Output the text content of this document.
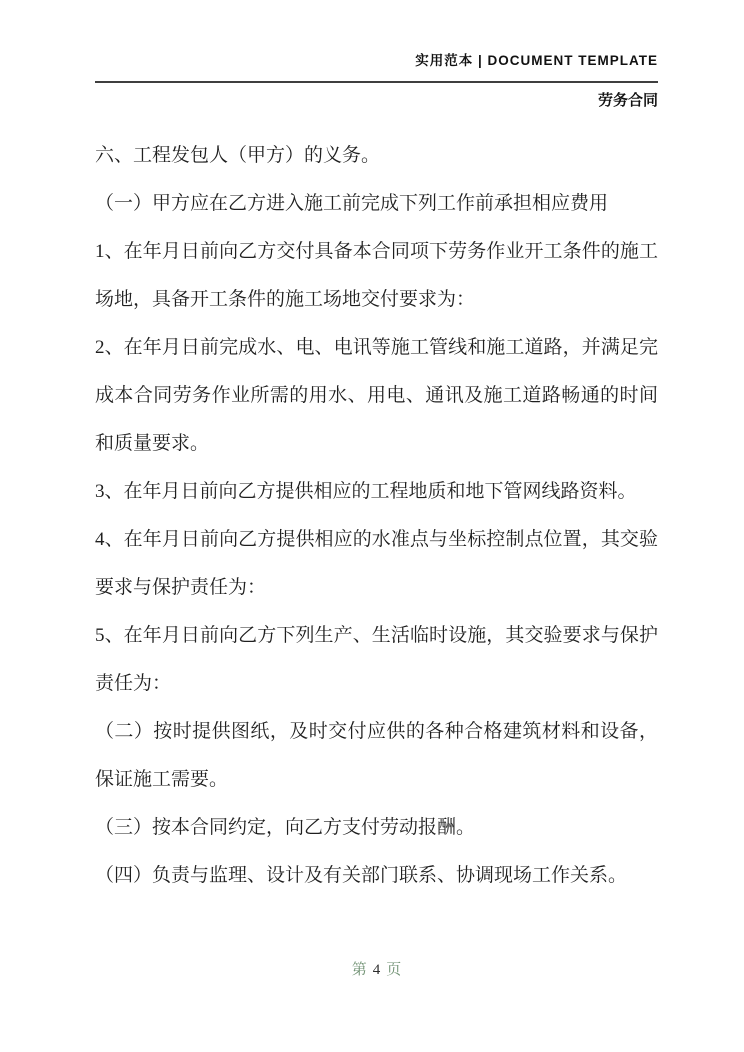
实用范本 | DOCUMENT TEMPLATE
劳务合同

六、工程发包人（甲方）的义务。

（一）甲方应在乙方进入施工前完成下列工作前承担相应费用

1、在年月日前向乙方交付具备本合同项下劳务作业开工条件的施工场地，具备开工条件的施工场地交付要求为：

2、在年月日前完成水、电、电讯等施工管线和施工道路，并满足完成本合同劳务作业所需的用水、用电、通讯及施工道路畅通的时间和质量要求。

3、在年月日前向乙方提供相应的工程地质和地下管网线路资料。

4、在年月日前向乙方提供相应的水准点与坐标控制点位置，其交验要求与保护责任为：

5、在年月日前向乙方下列生产、生活临时设施，其交验要求与保护责任为：

（二）按时提供图纸，及时交付应供的各种合格建筑材料和设备，保证施工需要。

（三）按本合同约定，向乙方支付劳动报酬。

（四）负责与监理、设计及有关部门联系、协调现场工作关系。

第 4 页
